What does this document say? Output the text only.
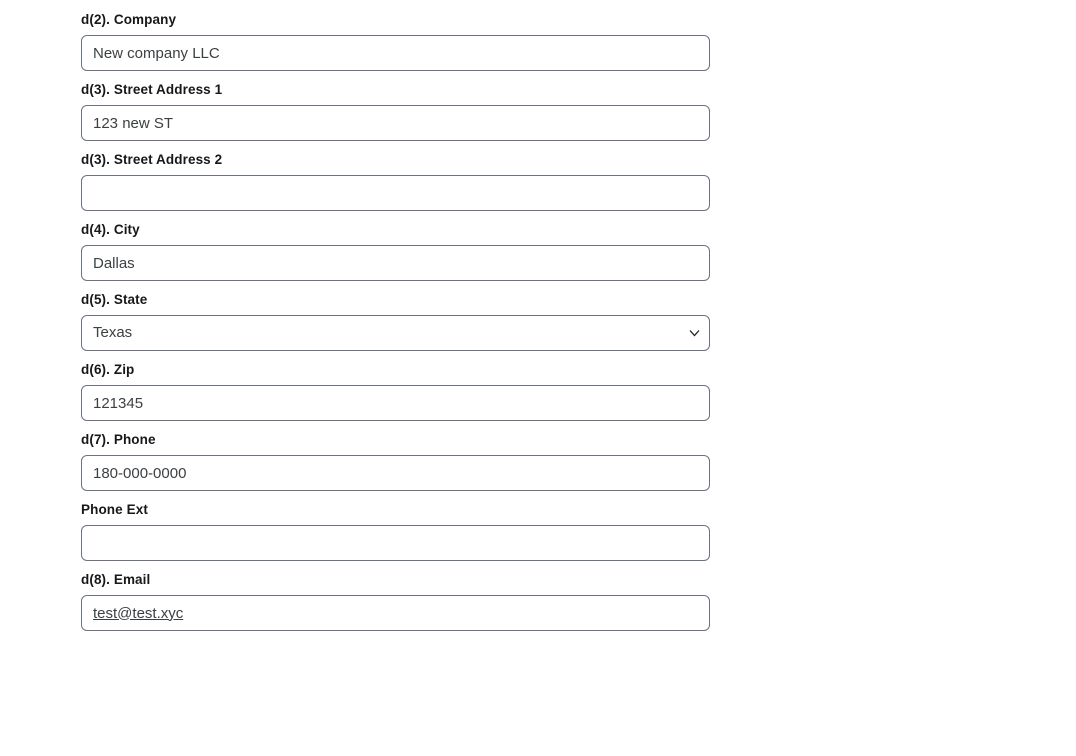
d(2). Company
New company LLC
d(3). Street Address 1
123 new ST
d(3). Street Address 2
d(4). City
Dallas
d(5). State
Texas
d(6). Zip
121345
d(7). Phone
180-000-0000
Phone Ext
d(8). Email
test@test.xyc
